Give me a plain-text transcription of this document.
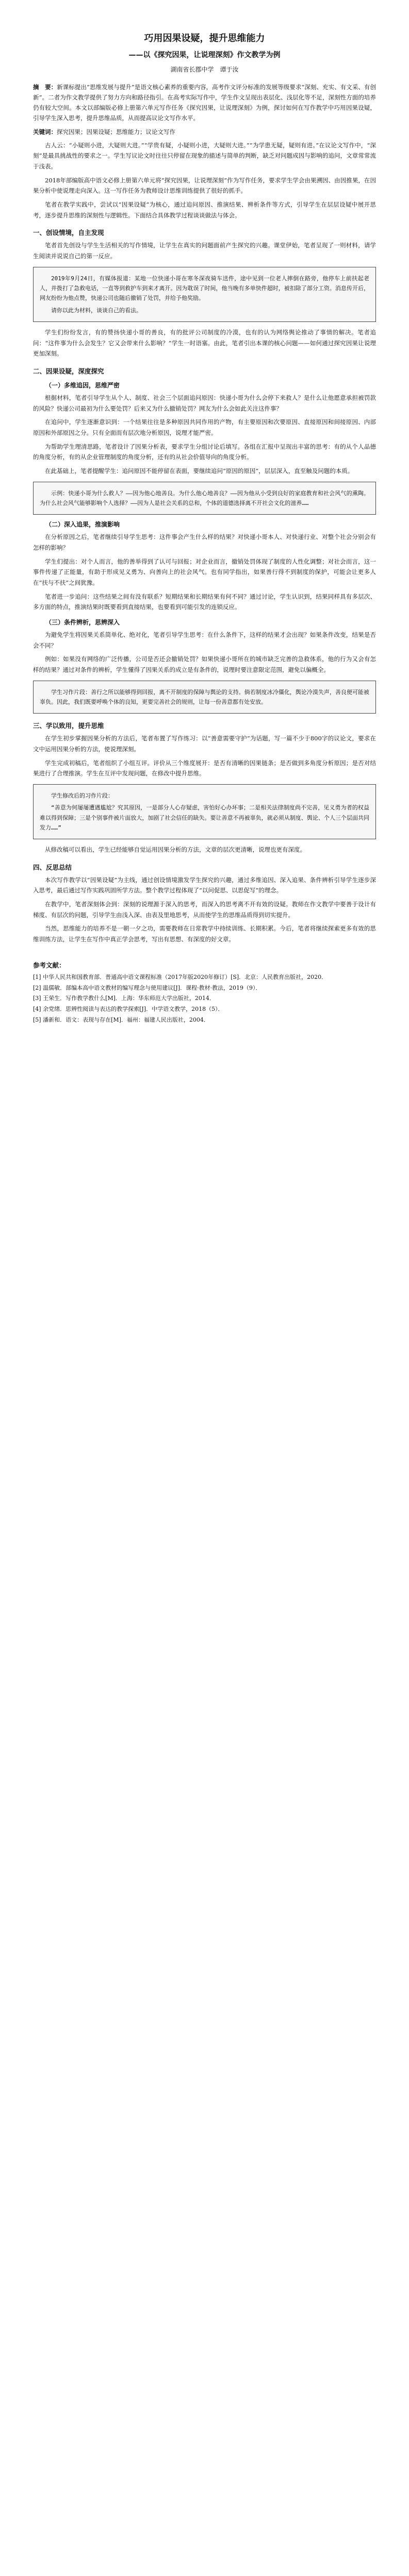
巧用因果设疑，提升思维能力
——以《探究因果，让说理深刻》作文教学为例
湖南省长郡中学　谭于汝
摘　要：新课标提出“思维发展与提升”是语文核心素养的重要内容，高考作文评分标准的发展等级要求“深刻、充实、有文采、有创新”。二者为作文教学提供了努力方向和路径指引。在高考实际写作中，学生作文呈现出表层化、浅层化等不足，深刻性方面的培养仍有较大空间。本文以部编版必修上册第六单元写作任务《探究因果，让说理深刻》为例，探讨如何在写作教学中巧用因果设疑，引导学生深入思考，提升思维品质，从而提高议论文写作水平。
关键词：探究因果；因果设疑；思维能力；议论文写作

古人云：“小疑则小进，大疑则大进。”“学贵有疑，小疑则小进，大疑则大进。”“为学患无疑，疑则有进。”在议论文写作中，“深刻”是最具挑战性的要求之一。学生写议论文时往往只停留在现象的描述与简单的判断，缺乏对问题成因与影响的追问，文章常常流于浅表。

2018年部编版高中语文必修上册第六单元将“探究因果，让说理深刻”作为写作任务，要求学生学会由果溯因、由因推果，在因果分析中使说理走向深入。这一写作任务为教师设计思维训练提供了很好的抓手。

笔者在教学实践中，尝试以“因果设疑”为核心，通过追问原因、推演结果、辨析条件等方式，引导学生在层层设疑中展开思考，逐步提升思维的深刻性与逻辑性。下面结合具体教学过程谈谈做法与体会。

一、创设情境，自主发现

笔者首先创设与学生生活相关的写作情境，让学生在真实的问题面前产生探究的兴趣。课堂伊始，笔者呈现了一则材料，请学生阅读并说说自己的第一反应。

2019年9月24日，有媒体报道：某地一位快递小哥在寒冬深夜骑车送件，途中见到一位老人摔倒在路旁，他停车上前扶起老人，并拨打了急救电话，一直等到救护车到来才离开。因为耽误了时间，他当晚有多单快件超时，被扣除了部分工资。消息传开后，网友纷纷为他点赞，快递公司也随后撤销了处罚，并给予他奖励。

请你以此为材料，谈谈自己的看法。

学生们纷纷发言，有的赞扬快递小哥的善良，有的批评公司制度的冷漠，也有的认为网络舆论推动了事情的解决。笔者追问：“这件事为什么会发生？它又会带来什么影响？”学生一时语塞。由此，笔者引出本课的核心问题——如何通过探究因果让说理更加深刻。

二、因果设疑，深度探究
（一）多维追因，思维严密

根据材料，笔者引导学生从个人、制度、社会三个层面追问原因：快递小哥为什么会停下来救人？是什么让他愿意承担被罚款的风险？快递公司最初为什么要处罚？后来又为什么撤销处罚？网友为什么会如此关注这件事？

在追问中，学生逐渐意识到：一个结果往往是多种原因共同作用的产物，有主要原因和次要原因、直接原因和间接原因、内部原因和外部原因之分。只有全面而有层次地分析原因，说理才能严密。

为帮助学生理清思路，笔者设计了因果分析表，要求学生分组讨论后填写。各组在汇报中呈现出丰富的思考：有的从个人品德的角度分析，有的从企业管理制度的角度分析，还有的从社会价值导向的角度分析。

在此基础上，笔者提醒学生：追问原因不能停留在表面，要继续追问“原因的原因”，层层深入，直至触及问题的本质。

示例：快递小哥为什么救人？——因为他心地善良。为什么他心地善良？——因为他从小受到良好的家庭教育和社会风气的熏陶。为什么社会风气能够影响个人选择？——因为人是社会关系的总和，个体的道德选择离不开社会文化的滋养……

（二）深入追果，推演影响

在分析原因之后，笔者继续引导学生思考：这件事会产生什么样的结果？对快递小哥本人、对快递行业、对整个社会分别会有怎样的影响？

学生们提出：对个人而言，他的善举得到了认可与回报；对企业而言，撤销处罚体现了制度的人性化调整；对社会而言，这一事件传递了正能量，有助于形成见义勇为、向善向上的社会风气。也有同学指出，如果善行得不到制度的保护，可能会让更多人在“扶与不扶”之间犹豫。

笔者进一步追问：这些结果之间有没有联系？短期结果和长期结果有何不同？通过讨论，学生认识到，结果同样具有多层次、多方面的特点，推演结果时既要看到直接结果，也要看到可能引发的连锁反应。

（三）条件辨析，思辨深入

为避免学生将因果关系简单化、绝对化，笔者引导学生思考：在什么条件下，这样的结果才会出现？如果条件改变，结果是否会不同？

例如：如果没有网络的广泛传播，公司是否还会撤销处罚？如果快递小哥所在的城市缺乏完善的急救体系，他的行为又会有怎样的结果？通过对条件的辨析，学生懂得了因果关系的成立是有条件的，说理时要注意限定范围，避免以偏概全。

学生习作片段：善行之所以能够得到回报，离不开制度的保障与舆论的支持。倘若制度冰冷僵化，舆论冷漠失声，善良便可能被辜负。因此，我们既要呼唤个体的良知，更要完善社会的规则，让每一份善意都有处安放。

三、学以致用，提升思维

在学生初步掌握因果分析的方法后，笔者布置了写作练习：以“善意需要守护”为话题，写一篇不少于800字的议论文，要求在文中运用因果分析的方法，使说理深刻。

学生完成初稿后，笔者组织了小组互评。评价从三个维度展开：是否有清晰的因果链条；是否做到多角度分析原因；是否对结果进行了合理推演。学生在互评中发现问题，在修改中提升思维。

学生修改后的习作片段：

“善意为何屡屡遭遇尴尬？究其原因，一是部分人心存疑虑，害怕好心办坏事；二是相关法律制度尚不完善，见义勇为者的权益难以得到保障；三是个别事件被片面放大，加剧了社会信任的缺失。要让善意不再被辜负，就必须从制度、舆论、个人三个层面共同发力……”

从修改稿可以看出，学生已经能够自觉运用因果分析的方法，文章的层次更清晰，说理也更有深度。

四、反思总结

本次写作教学以“因果设疑”为主线，通过创设情境激发学生探究的兴趣，通过多维追因、深入追果、条件辨析引导学生逐步深入思考，最后通过写作实践巩固所学方法。整个教学过程体现了“以问促思、以思促写”的理念。

在教学中，笔者深刻体会到：深刻的说理源于深入的思考，而深入的思考离不开有效的设疑。教师在作文教学中要善于设计有梯度、有层次的问题，引导学生由浅入深、由表及里地思考，从而使学生的思维品质得到切实提升。

当然，思维能力的培养不是一朝一夕之功，需要教师在日常教学中持续训练、长期积累。今后，笔者将继续探索更多有效的思维训练方法，让学生在写作中真正学会思考，写出有思想、有深度的好文章。

参考文献：
[1] 中华人民共和国教育部．普通高中语文课程标准（2017年版2020年修订）[S]．北京：人民教育出版社，2020．
[2] 温儒敏．部编本高中语文教材的编写理念与使用建议[J]．课程·教材·教法，2019（9）．
[3] 王荣生．写作教学教什么[M]．上海：华东师范大学出版社，2014．
[4] 余党绪．思辨性阅读与表达的教学探索[J]．中学语文教学，2018（5）．
[5] 潘新和．语文：表现与存在[M]．福州：福建人民出版社，2004．
